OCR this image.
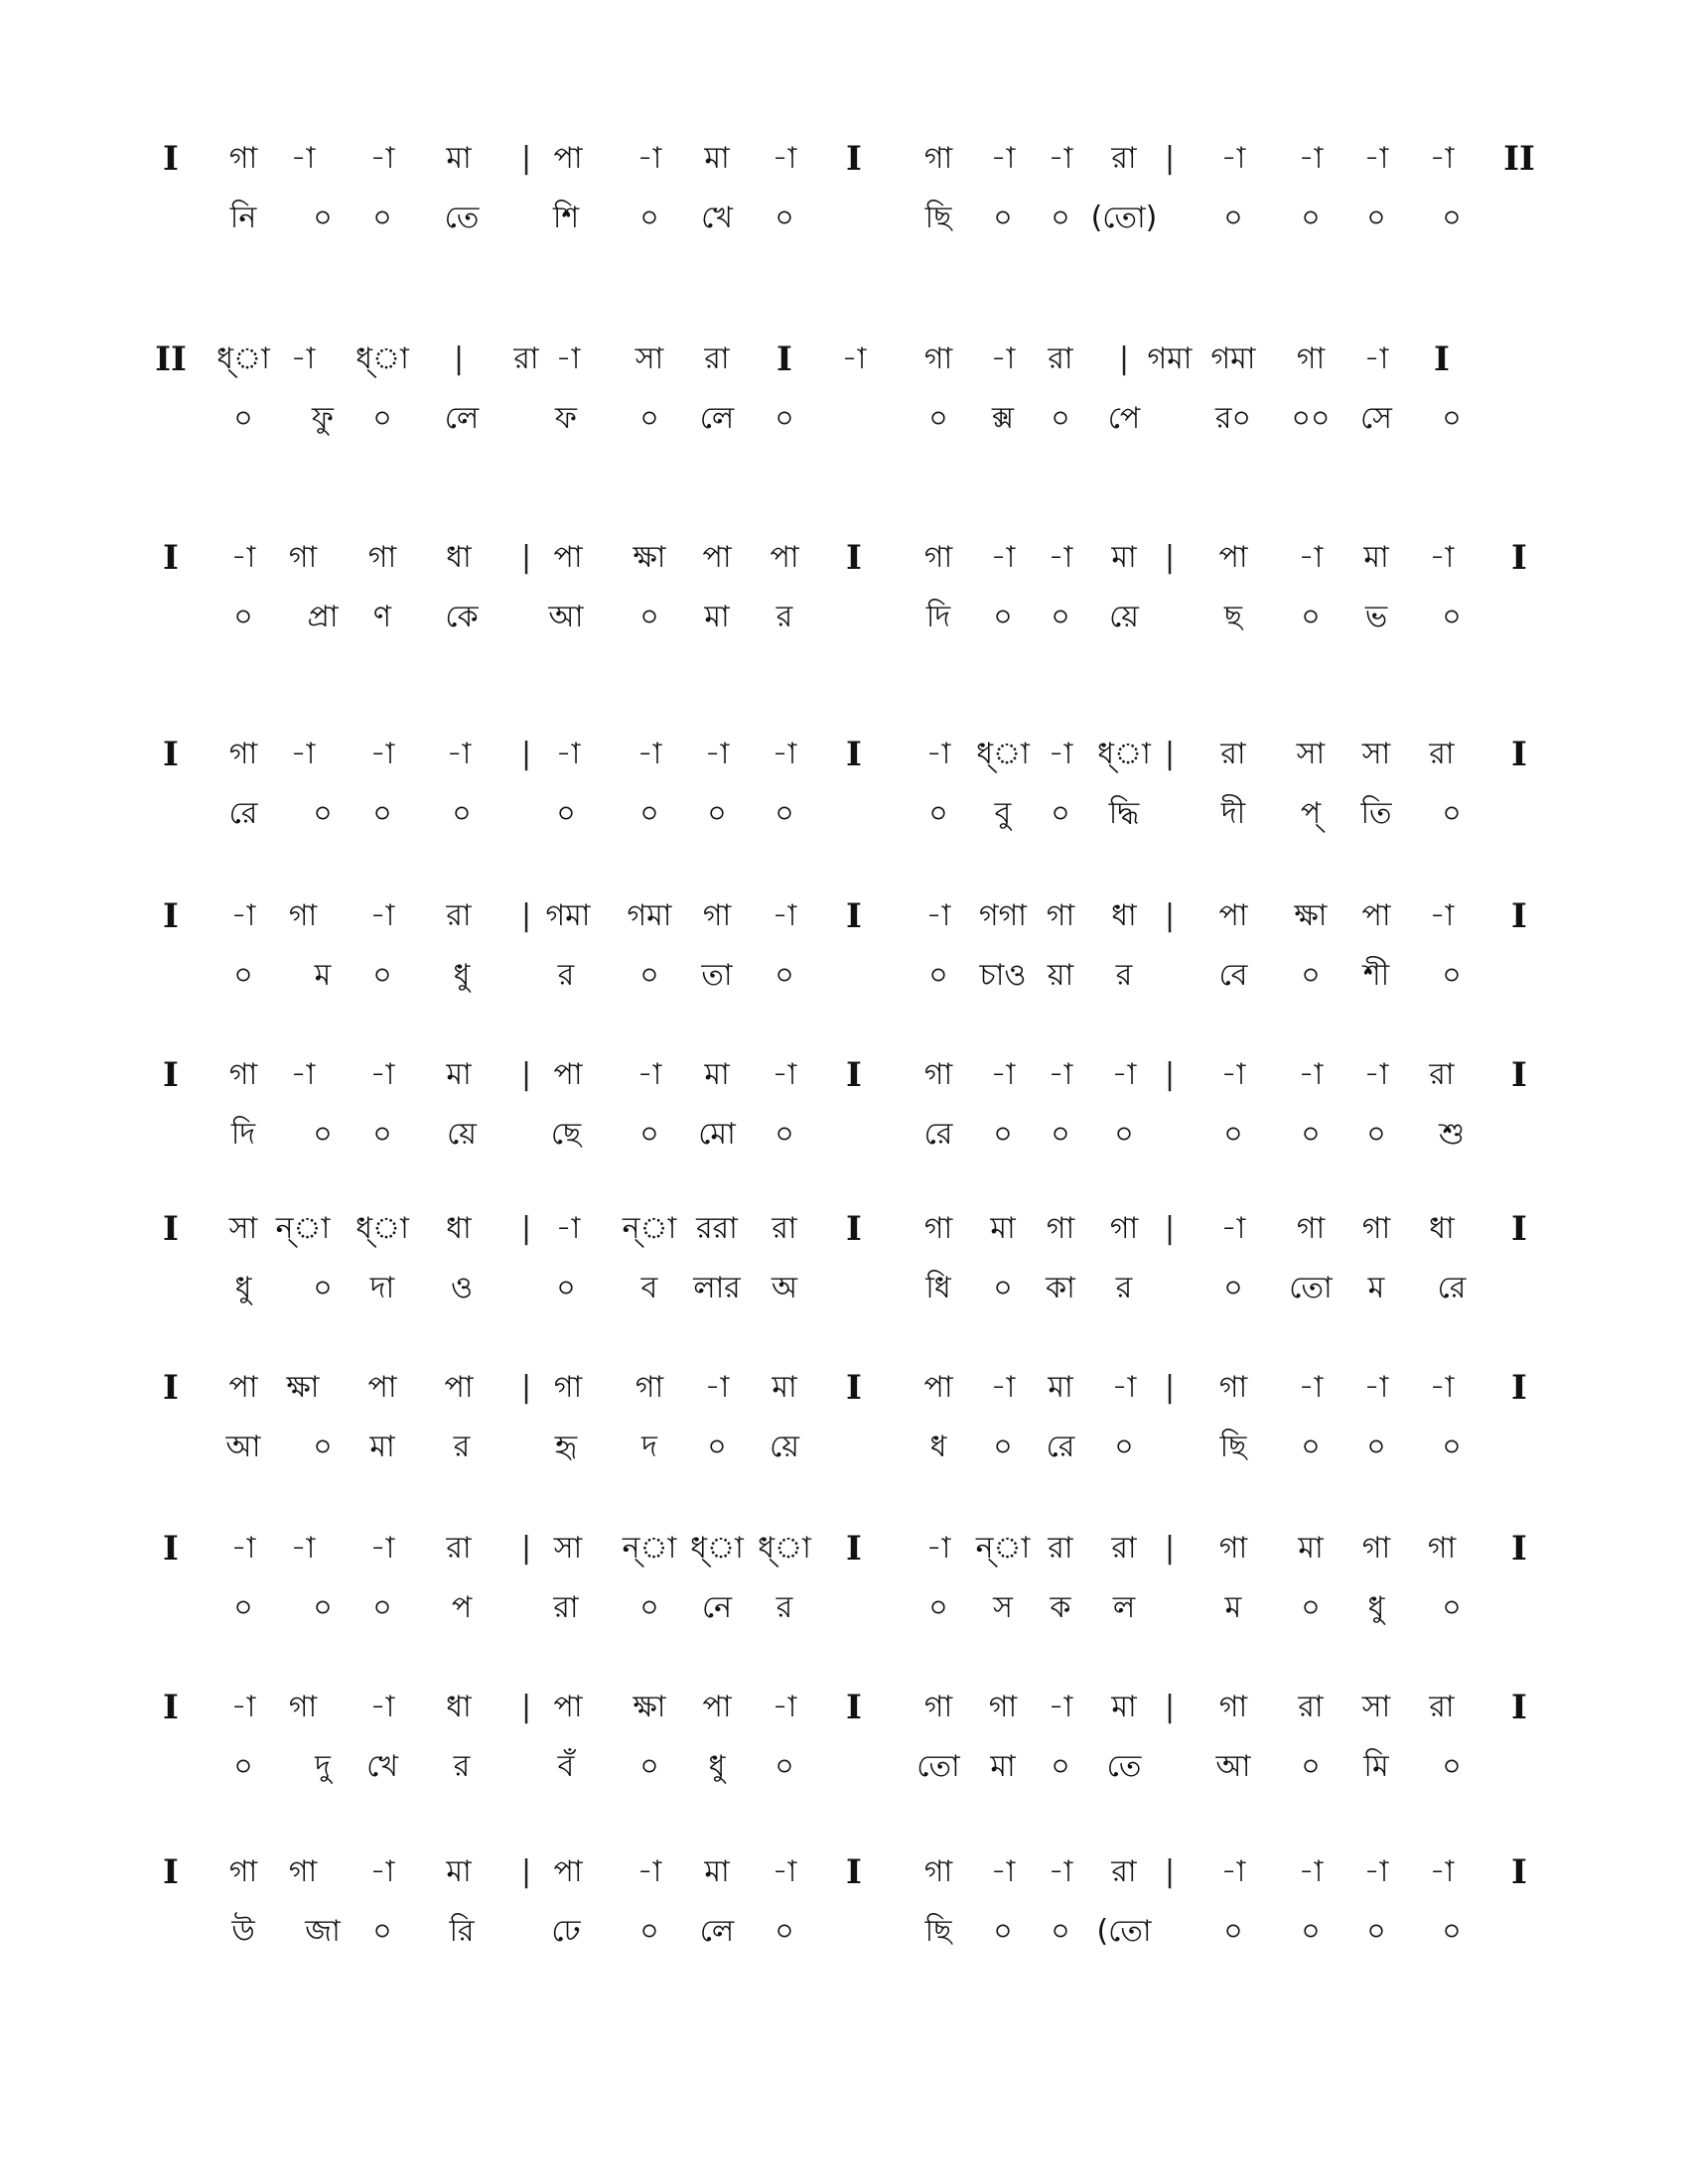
I গা -া -া মা | পা -া মা -া I গা -া -া রা | -া -া -া -া II
নি ০ ০ তে শি ০ খে ০	ছি ০ ০ (তো) ০ ০ ০ ০
II ধ্া -া ধ্া | রা -া সা রা I -া গা -া রা | গমা গমা গা -া I
০ ফু ০ লে	ফ ০ লে ০	০ ক্স ০ পে	র০ ০০ সে ০
I -া গা গা ধা | পা ক্ষা পা পা I গা -া -া মা | পা -া মা -া I
০ প্রা ণ কে আ ০ মা র	দি ০ ০ য়ে	ছ ০ ভ ০
I গা -া -া -া | -া -া -া -া I -া ধ্া -া ধ্া | রা সা সা রা I
রে ০ ০ ০	০ ০ ০ ০	০ বু ০ দ্ধি	দী প্ তি ০
I -া গা -া রা | গমা গমা গা -া I -া গগা গা ধা | পা ক্ষা পা -া I
০ ম ০ ধু	র ০ তা ০	০ চাও য়া র	বে ০ শী ০
I গা -া -া মা | পা -া মা -া I গা -া -া -া | -া -া -া রা I
দি ০ ০ য়ে ছে ০ মো ০	রে ০ ০ ০	০ ০ ০ শু
I সা ন্া ধ্া ধা | -া ন্া ররা রা I গা মা গা গা | -া গা গা ধা I
ধু ০ দা ও	০ ব লার অ	ধি ০ কা র	০ তো ম রে
I পা ক্ষা পা পা | গা গা -া মা I পা -া মা -া | গা -া -া -া I
আ ০ মা র	হৃ দ ০ য়ে	ধ ০ রে ০	ছি ০ ০ ০
I -া -া -া রা | সা ন্া ধ্া ধ্া I -া ন্া রা রা | গা মা গা গা I
০ ০ ০ প	রা ০ নে র	০ স ক ল	ম ০ ধু ০
I -া গা -া ধা | পা ক্ষা পা -া I গা গা -া মা | গা রা সা রা I
০ দু খে র	বঁ ০ ধু ০	তো মা ০ তে	আ ০ মি ০
I গা গা -া মা | পা -া মা -া I গা -া -া রা | -া -া -া -া I
উ জা ০ রি	ঢে ০ লে ০	ছি ০ ০ (তো ০ ০ ০ ০
